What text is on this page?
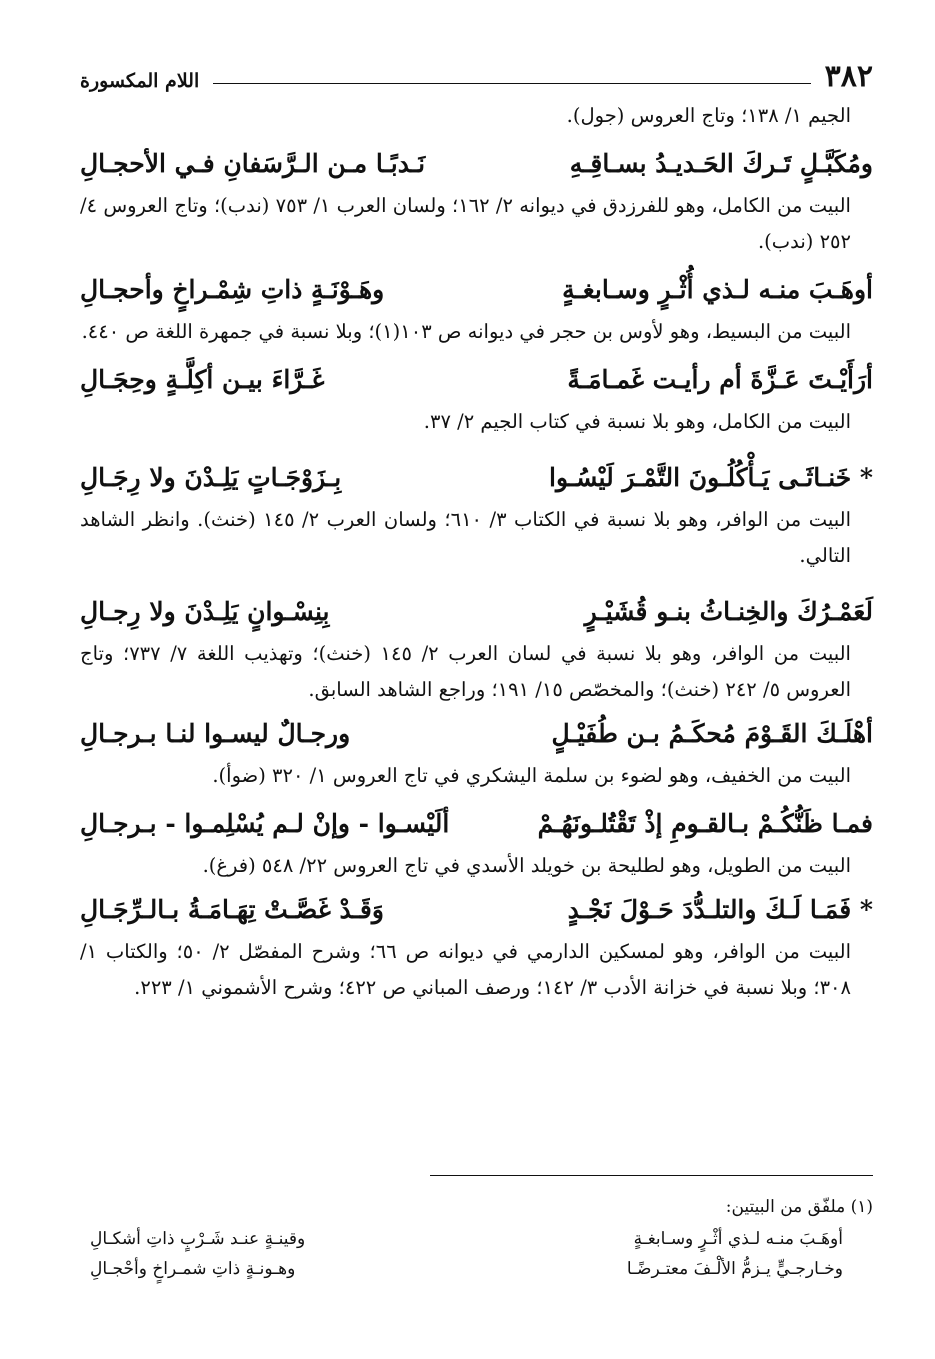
٣٨٢
اللام المكسورة

الجيم ١/ ١٣٨؛ وتاج العروس (جول).

ومُكَبَّـلٍ تَـركَ الحَـديـدُ بسـاقِـهِ
نَـدبًـا مـن الـرَّسَفانِ فـي الأحجـالِ

البيت من الكامل، وهو للفرزدق في ديوانه ٢/ ١٦٢؛ ولسان العرب ١/ ٧٥٣ (ندب)؛ وتاج العروس ٤/ ٢٥٢ (ندب).

أوهَـبَ منـه لـذي أُثْـرٍ وسـابغـةٍ
وهَـوْنَـةٍ ذاتِ شِمْـراخٍ وأحجـالِ

البيت من البسيط، وهو لأوس بن حجر في ديوانه ص ١٠٣(١)؛ وبلا نسبة في جمهرة اللغة ص ٤٤٠.

أرَأَيْـتَ عَـزَّةَ أم رأيـت غَمـامَـةً
غَـرَّاءَ بيـن أكِلَّـةٍ وحِجَـالِ

البيت من الكامل، وهو بلا نسبة في كتاب الجيم ٢/ ٣٧.

* خَنـاثَـى يَـأْكُلُـونَ التَّمْـرَ لَيْسُـوا
بِـزَوْجَـاتٍ يَلِـدْنَ ولا رِجَـالِ

البيت من الوافر، وهو بلا نسبة في الكتاب ٣/ ٦١٠؛ ولسان العرب ٢/ ١٤٥ (خنث). وانظر الشاهد التالي.

لَعَمْـرُكَ والخِنـاثُ بنـو قُشَيْـرٍ
بِنِسْـوانٍ يَلِـدْنَ ولا رِجـالِ

البيت من الوافر، وهو بلا نسبة في لسان العرب ٢/ ١٤٥ (خنث)؛ وتهذيب اللغة ٧/ ٧٣٧؛ وتاج العروس ٥/ ٢٤٢ (خنث)؛ والمخصّص ١٥/ ١٩١؛ وراجع الشاهد السابق.

أهْلَـكَ القَـوْمَ مُحكَـمُ بـن طُفَيْـلٍ
ورجـالٌ ليسـوا لنـا بـرجـالِ

البيت من الخفيف، وهو لضوء بن سلمة اليشكري في تاج العروس ١/ ٣٢٠ (ضوأ).

فمـا ظَنُّكُـمْ بـالقـومِ إذْ تَقْتُلـونَهُـمْ
ألَيْسـوا - وإنْ لـم يُسْلِمـوا - بـرجـالِ

البيت من الطويل، وهو لطليحة بن خويلد الأسدي في تاج العروس ٢٢/ ٥٤٨ (فرغ).

* فَمَـا لَـكَ والتلـدُّدَ حَـوْلَ نَجْـدٍ
وَقَـدْ غَصَّـتْ تِهَـامَـةُ بـالـرِّجَـالِ

البيت من الوافر، وهو لمسكين الدارمي في ديوانه ص ٦٦؛ وشرح المفصّل ٢/ ٥٠؛ والكتاب ١/ ٣٠٨؛ وبلا نسبة في خزانة الأدب ٣/ ١٤٢؛ ورصف المباني ص ٤٢٢؛ وشرح الأشموني ١/ ٢٢٣.

(١) ملفّق من البيتين:

أوهَـبَ منـه لـذي أثْـرٍ وسـابغـةٍ
وقينـةٍ عنـد شَـرْبٍ ذاتِ أشكـالِ
وخـارجـيٍّ يـزمُّ الألْـفَ معتـرضًـا
وهـونـةٍ ذاتِ شمـراخٍ وأحْجـالِ
